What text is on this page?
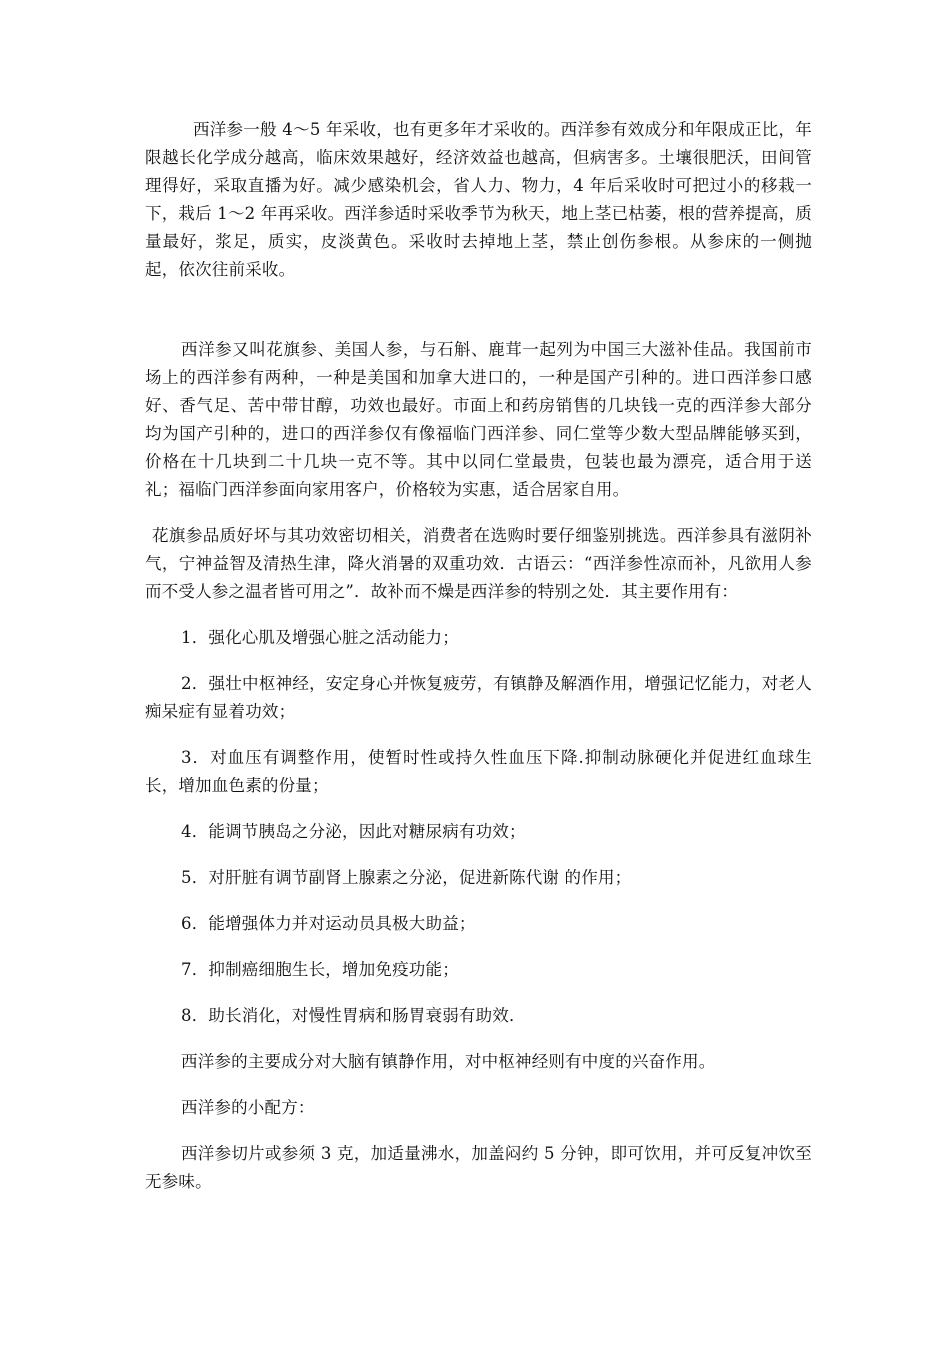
西洋参一般 4～5 年采收，也有更多年才采收的。西洋参有效成分和年限成正比，年限越长化学成分越高，临床效果越好，经济效益也越高，但病害多。土壤很肥沃，田间管理得好，采取直播为好。减少感染机会，省人力、物力，4 年后采收时可把过小的移栽一下，栽后 1～2 年再采收。西洋参适时采收季节为秋天，地上茎已枯萎，根的营养提高，质量最好，浆足，质实，皮淡黄色。采收时去掉地上茎，禁止创伤参根。从参床的一侧抛起，依次往前采收。

西洋参又叫花旗参、美国人参，与石斛、鹿茸一起列为中国三大滋补佳品。我国前市场上的西洋参有两种，一种是美国和加拿大进口的，一种是国产引种的。进口西洋参口感好、香气足、苦中带甘醇，功效也最好。市面上和药房销售的几块钱一克的西洋参大部分均为国产引种的，进口的西洋参仅有像福临门西洋参、同仁堂等少数大型品牌能够买到，价格在十几块到二十几块一克不等。其中以同仁堂最贵，包装也最为漂亮，适合用于送礼；福临门西洋参面向家用客户，价格较为实惠，适合居家自用。

花旗参品质好坏与其功效密切相关，消费者在选购时要仔细鉴别挑选。西洋参具有滋阴补气，宁神益智及清热生津，降火消暑的双重功效．古语云：“西洋参性凉而补，凡欲用人参而不受人参之温者皆可用之”．故补而不燥是西洋参的特别之处．其主要作用有：

1．强化心肌及增强心脏之活动能力；

2．强壮中枢神经，安定身心并恢复疲劳，有镇静及解酒作用，增强记忆能力，对老人痴呆症有显着功效；

3．对血压有调整作用，使暂时性或持久性血压下降.抑制动脉硬化并促进红血球生长，增加血色素的份量；

4．能调节胰岛之分泌，因此对糖尿病有功效；

5．对肝脏有调节副肾上腺素之分泌，促进新陈代谢 的作用；

6．能增强体力并对运动员具极大助益；

7．抑制癌细胞生长，增加免疫功能；

8．助长消化，对慢性胃病和肠胃衰弱有助效．

西洋参的主要成分对大脑有镇静作用，对中枢神经则有中度的兴奋作用。

西洋参的小配方：

西洋参切片或参须 3 克，加适量沸水，加盖闷约 5 分钟，即可饮用，并可反复冲饮至无参味。
